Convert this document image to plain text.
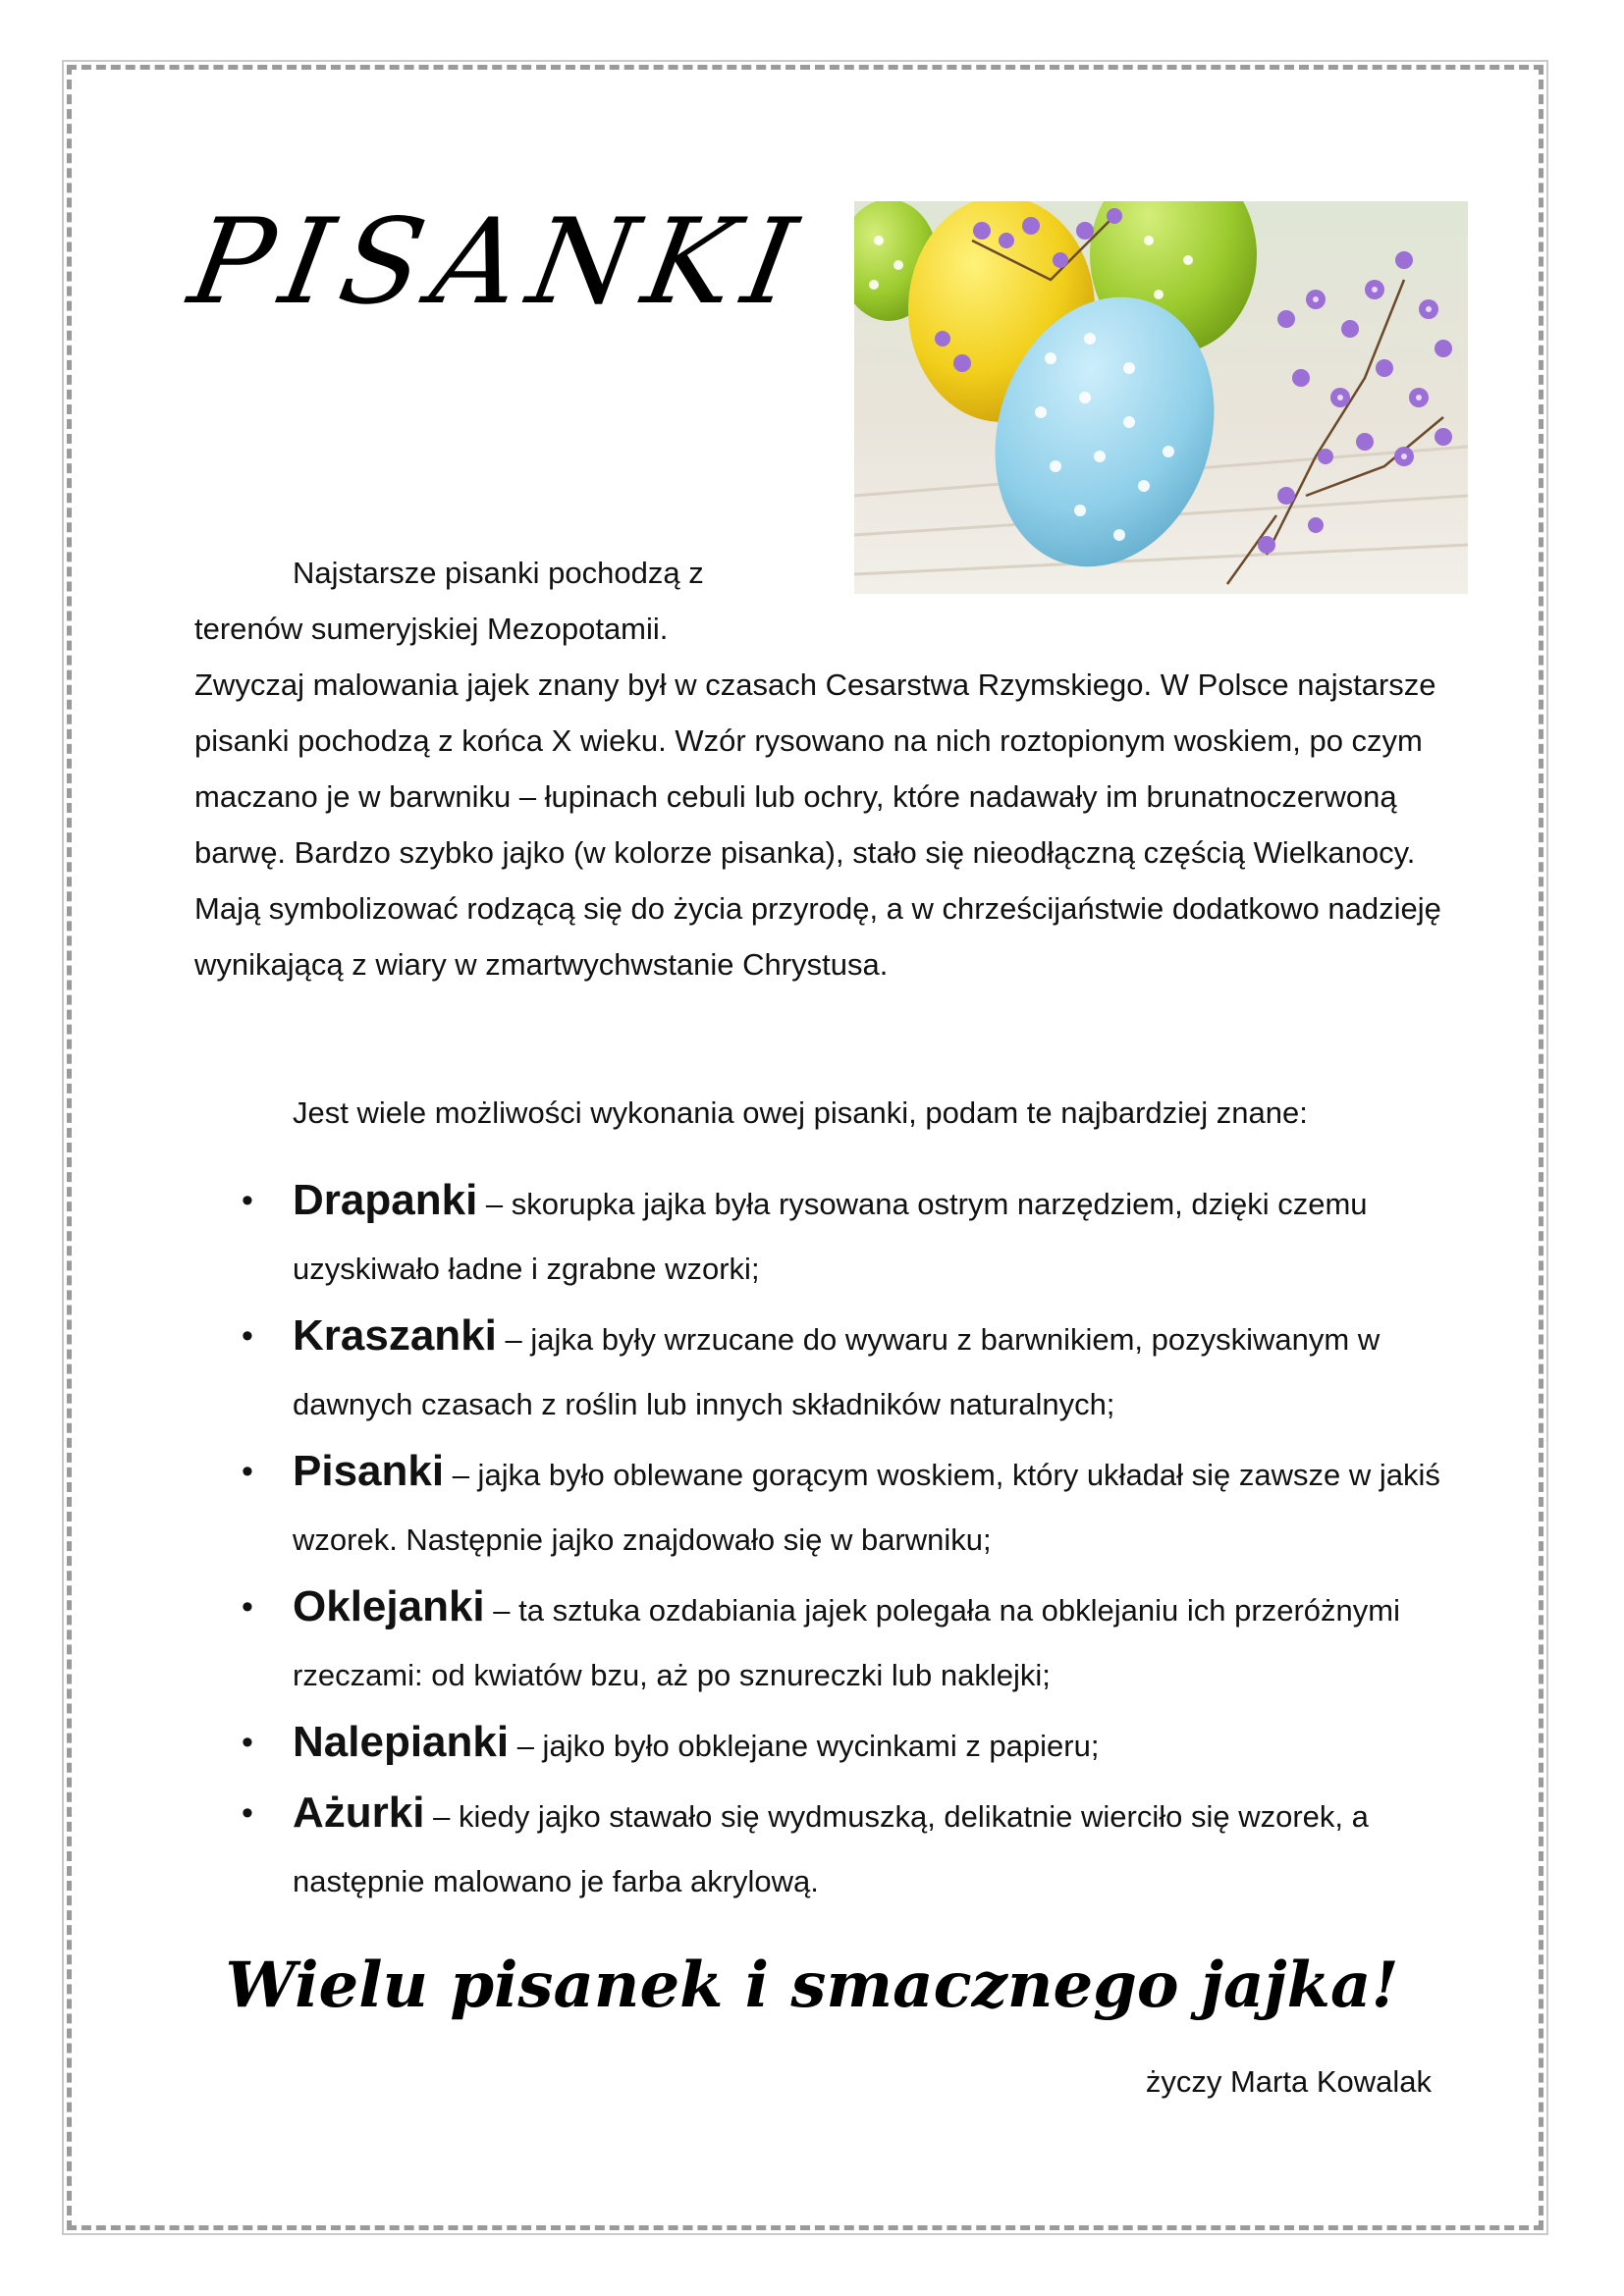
PISANKI

Najstarsze pisanki pochodzą z
terenów sumeryjskiej Mezopotamii.
Zwyczaj malowania jajek znany był w czasach Cesarstwa Rzymskiego. W Polsce najstarsze pisanki pochodzą z końca X wieku. Wzór rysowano na nich roztopionym woskiem, po czym maczano je w barwniku – łupinach cebuli lub ochry, które nadawały im brunatnoczerwoną barwę. Bardzo szybko jajko (w kolorze pisanka), stało się nieodłączną częścią Wielkanocy. Mają symbolizować rodzącą się do życia przyrodę, a w chrześcijaństwie dodatkowo nadzieję wynikającą z wiary w zmartwychwstanie Chrystusa.

Jest wiele możliwości wykonania owej pisanki, podam te najbardziej znane:

• Drapanki – skorupka jajka była rysowana ostrym narzędziem, dzięki czemu uzyskiwało ładne i zgrabne wzorki;
• Kraszanki – jajka były wrzucane do wywaru z barwnikiem, pozyskiwanym w dawnych czasach z roślin lub innych składników naturalnych;
• Pisanki – jajka było oblewane gorącym woskiem, który układał się zawsze w jakiś wzorek. Następnie jajko znajdowało się w barwniku;
• Oklejanki – ta sztuka ozdabiania jajek polegała na obklejaniu ich przeróżnymi rzeczami: od kwiatów bzu, aż po sznureczki lub naklejki;
• Nalepianki – jajko było obklejane wycinkami z papieru;
• Ażurki – kiedy jajko stawało się wydmuszką, delikatnie wierciło się wzorek, a następnie malowano je farba akrylową.

Wielu pisanek i smacznego jajka!

życzy Marta Kowalak
